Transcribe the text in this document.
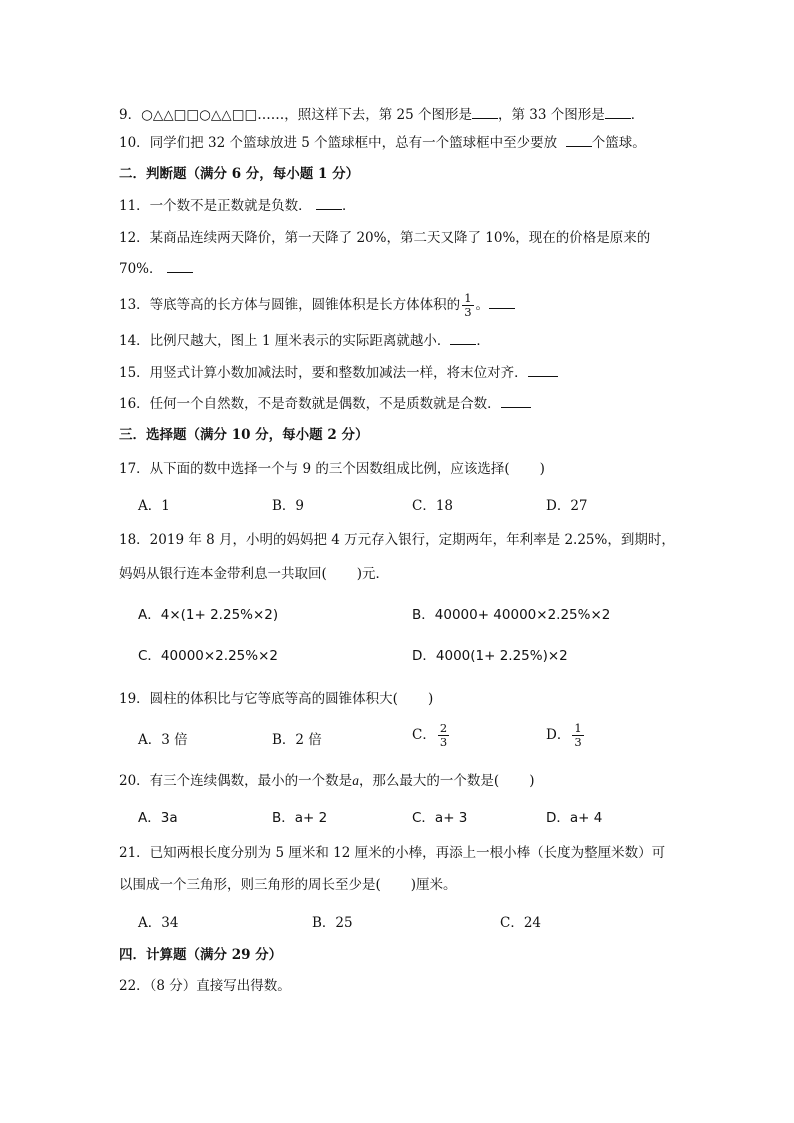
9．○△△□□○△△□□……，照这样下去，第 25 个图形是 ，第 33 个图形是 ．
10．同学们把 32 个篮球放进 5 个篮球框中，总有一个篮球框中至少要放	个篮球。
二．判断题（满分 6 分，每小题 1 分）
11．一个数不是正数就是负数． ．
12．某商品连续两天降价，第一天降了 20%，第二天又降了 10%，现在的价格是原来的
70%．
13．等底等高的长方体与圆锥，圆锥体积是长方体体积的 $\frac{1}{3}$ 。
14．比例尺越大，图上 1 厘米表示的实际距离就越小． ．
15．用竖式计算小数加减法时，要和整数加减法一样，将末位对齐．
16．任何一个自然数，不是奇数就是偶数，不是质数就是合数．
三．选择题（满分 10 分，每小题 2 分）
17．从下面的数中选择一个与 9 的三个因数组成比例，应该选择( )
A．1	B．9	C．18	D．27
18．2019 年 8 月，小明的妈妈把 4 万元存入银行，定期两年，年利率是 2.25%，到期时，
妈妈从银行连本金带利息一共取回( )元．
A．4×(1+ 2.25%×2)	B．40000+ 40000×2.25%×2
C．40000×2.25%×2	D．4000(1+ 2.25%)×2
19．圆柱的体积比与它等底等高的圆锥体积大( )
A．3 倍	B．2 倍	C． $\frac{2}{3}$	D． $\frac{1}{3}$
20．有三个连续偶数，最小的一个数是a，那么最大的一个数是( )
A．3a	B．a+ 2	C．a+ 3	D．a+ 4
21．已知两根长度分别为 5 厘米和 12 厘米的小棒，再添上一根小棒（长度为整厘米数）可
以围成一个三角形，则三角形的周长至少是( )厘米。
A．34	B．25	C．24
四．计算题（满分 29 分）
22．（8 分）直接写出得数。
